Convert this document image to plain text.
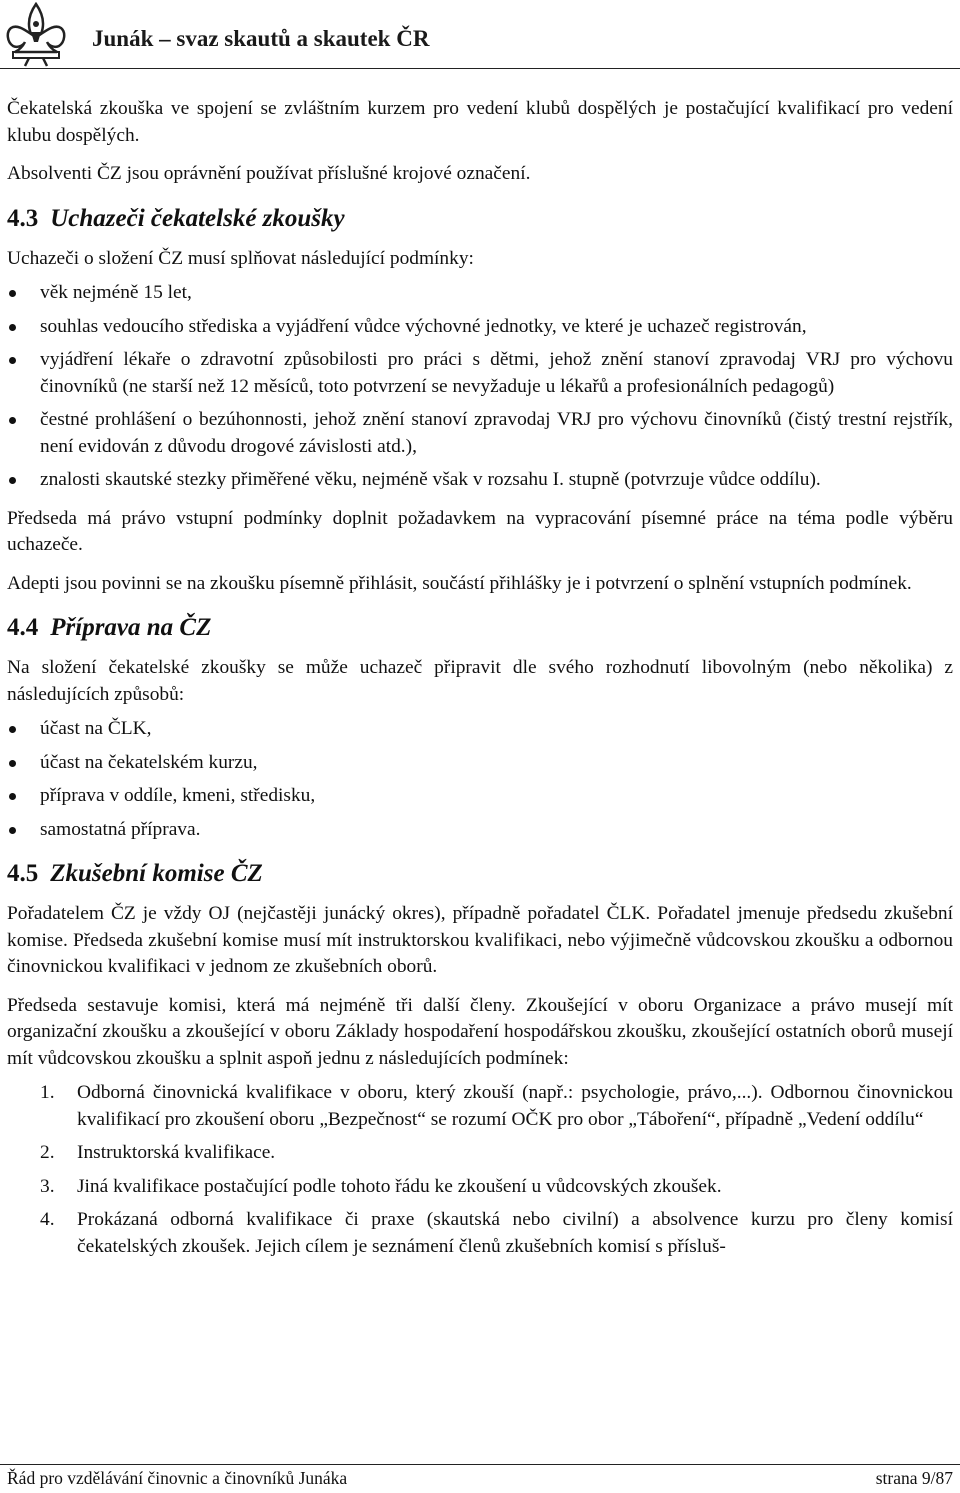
Junák – svaz skautů a skautek ČR

Čekatelská zkouška ve spojení se zvláštním kurzem pro vedení klubů dospělých je postačující kvalifikací pro vedení klubu dospělých.

Absolventi ČZ jsou oprávnění používat příslušné krojové označení.

4.3 Uchazeči čekatelské zkoušky

Uchazeči o složení ČZ musí splňovat následující podmínky:

věk nejméně 15 let,
souhlas vedoucího střediska a vyjádření vůdce výchovné jednotky, ve které je uchazeč registrován,
vyjádření lékaře o zdravotní způsobilosti pro práci s dětmi, jehož znění stanoví zpravodaj VRJ pro výchovu činovníků (ne starší než 12 měsíců, toto potvrzení se nevyžaduje u lékařů a profesionálních pedagogů)
čestné prohlášení o bezúhonnosti, jehož znění stanoví zpravodaj VRJ pro výchovu činovníků (čistý trestní rejstřík, není evidován z důvodu drogové závislosti atd.),
znalosti skautské stezky přiměřené věku, nejméně však v rozsahu I. stupně (potvrzuje vůdce oddílu).

Předseda má právo vstupní podmínky doplnit požadavkem na vypracování písemné práce na téma podle výběru uchazeče.

Adepti jsou povinni se na zkoušku písemně přihlásit, součástí přihlášky je i potvrzení o splnění vstupních podmínek.

4.4 Příprava na ČZ

Na složení čekatelské zkoušky se může uchazeč připravit dle svého rozhodnutí libovolným (nebo několika) z následujících způsobů:

účast na ČLK,
účast na čekatelském kurzu,
příprava v oddíle, kmeni, středisku,
samostatná příprava.
4.5 Zkušební komise ČZ

Pořadatelem ČZ je vždy OJ (nejčastěji junácký okres), případně pořadatel ČLK. Pořadatel jmenuje předsedu zkušební komise. Předseda zkušební komise musí mít instruktorskou kvalifikaci, nebo výjimečně vůdcovskou zkoušku a odbornou činovnickou kvalifikaci v jednom ze zkušebních oborů.

Předseda sestavuje komisi, která má nejméně tři další členy. Zkoušející v oboru Organizace a právo musejí mít organizační zkoušku a zkoušející v oboru Základy hospodaření hospodářskou zkoušku, zkoušející ostatních oborů musejí mít vůdcovskou zkoušku a splnit aspoň jednu z následujících podmínek:

1. Odborná činovnická kvalifikace v oboru, který zkouší (např.: psychologie, právo,...). Odbornou činovnickou kvalifikací pro zkoušení oboru „Bezpečnost“ se rozumí OČK pro obor „Táboření“, případně „Vedení oddílu“
2. Instruktorská kvalifikace.
3. Jiná kvalifikace postačující podle tohoto řádu ke zkoušení u vůdcovských zkoušek.
4. Prokázaná odborná kvalifikace či praxe (skautská nebo civilní) a absolvence kurzu pro členy komisí čekatelských zkoušek. Jejich cílem je seznámení členů zkušebních komisí s přísluš-
Řád pro vzdělávání činovnic a činovníků Junáka	strana 9/87
